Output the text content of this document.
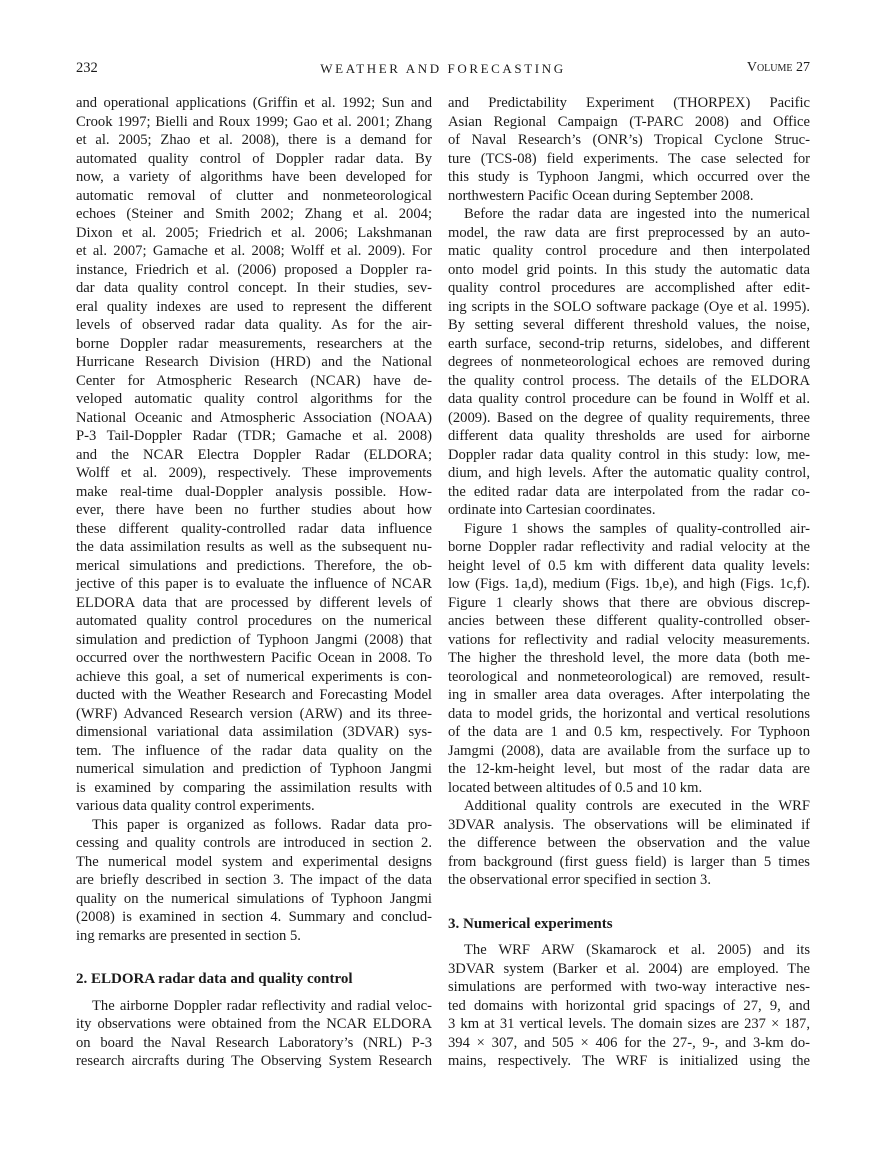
232	WEATHER AND FORECASTING	Volume 27
and operational applications (Griffin et al. 1992; Sun and
Crook 1997; Bielli and Roux 1999; Gao et al. 2001; Zhang
et al. 2005; Zhao et al. 2008), there is a demand for
automated quality control of Doppler radar data. By
now, a variety of algorithms have been developed for
automatic removal of clutter and nonmeteorological
echoes (Steiner and Smith 2002; Zhang et al. 2004;
Dixon et al. 2005; Friedrich et al. 2006; Lakshmanan
et al. 2007; Gamache et al. 2008; Wolff et al. 2009). For
instance, Friedrich et al. (2006) proposed a Doppler ra-
dar data quality control concept. In their studies, sev-
eral quality indexes are used to represent the different
levels of observed radar data quality. As for the air-
borne Doppler radar measurements, researchers at the
Hurricane Research Division (HRD) and the National
Center for Atmospheric Research (NCAR) have de-
veloped automatic quality control algorithms for the
National Oceanic and Atmospheric Association (NOAA)
P-3 Tail-Doppler Radar (TDR; Gamache et al. 2008)
and the NCAR Electra Doppler Radar (ELDORA;
Wolff et al. 2009), respectively. These improvements
make real-time dual-Doppler analysis possible. How-
ever, there have been no further studies about how
these different quality-controlled radar data influence
the data assimilation results as well as the subsequent nu-
merical simulations and predictions. Therefore, the ob-
jective of this paper is to evaluate the influence of NCAR
ELDORA data that are processed by different levels of
automated quality control procedures on the numerical
simulation and prediction of Typhoon Jangmi (2008) that
occurred over the northwestern Pacific Ocean in 2008. To
achieve this goal, a set of numerical experiments is con-
ducted with the Weather Research and Forecasting Model
(WRF) Advanced Research version (ARW) and its three-
dimensional variational data assimilation (3DVAR) sys-
tem. The influence of the radar data quality on the
numerical simulation and prediction of Typhoon Jangmi
is examined by comparing the assimilation results with
various data quality control experiments.
This paper is organized as follows. Radar data pro-
cessing and quality controls are introduced in section 2.
The numerical model system and experimental designs
are briefly described in section 3. The impact of the data
quality on the numerical simulations of Typhoon Jangmi
(2008) is examined in section 4. Summary and conclud-
ing remarks are presented in section 5.
2. ELDORA radar data and quality control
The airborne Doppler radar reflectivity and radial veloc-
ity observations were obtained from the NCAR ELDORA
on board the Naval Research Laboratory’s (NRL) P-3
research aircrafts during The Observing System Research
and Predictability Experiment (THORPEX) Pacific
Asian Regional Campaign (T-PARC 2008) and Office
of Naval Research’s (ONR’s) Tropical Cyclone Struc-
ture (TCS-08) field experiments. The case selected for
this study is Typhoon Jangmi, which occurred over the
northwestern Pacific Ocean during September 2008.
Before the radar data are ingested into the numerical
model, the raw data are first preprocessed by an auto-
matic quality control procedure and then interpolated
onto model grid points. In this study the automatic data
quality control procedures are accomplished after edit-
ing scripts in the SOLO software package (Oye et al. 1995).
By setting several different threshold values, the noise,
earth surface, second-trip returns, sidelobes, and different
degrees of nonmeteorological echoes are removed during
the quality control process. The details of the ELDORA
data quality control procedure can be found in Wolff et al.
(2009). Based on the degree of quality requirements, three
different data quality thresholds are used for airborne
Doppler radar data quality control in this study: low, me-
dium, and high levels. After the automatic quality control,
the edited radar data are interpolated from the radar co-
ordinate into Cartesian coordinates.
Figure 1 shows the samples of quality-controlled air-
borne Doppler radar reflectivity and radial velocity at the
height level of 0.5 km with different data quality levels:
low (Figs. 1a,d), medium (Figs. 1b,e), and high (Figs. 1c,f).
Figure 1 clearly shows that there are obvious discrep-
ancies between these different quality-controlled obser-
vations for reflectivity and radial velocity measurements.
The higher the threshold level, the more data (both me-
teorological and nonmeteorological) are removed, result-
ing in smaller area data overages. After interpolating the
data to model grids, the horizontal and vertical resolutions
of the data are 1 and 0.5 km, respectively. For Typhoon
Jamgmi (2008), data are available from the surface up to
the 12-km-height level, but most of the radar data are
located between altitudes of 0.5 and 10 km.
Additional quality controls are executed in the WRF
3DVAR analysis. The observations will be eliminated if
the difference between the observation and the value
from background (first guess field) is larger than 5 times
the observational error specified in section 3.
3. Numerical experiments
The WRF ARW (Skamarock et al. 2005) and its
3DVAR system (Barker et al. 2004) are employed. The
simulations are performed with two-way interactive nes-
ted domains with horizontal grid spacings of 27, 9, and
3 km at 31 vertical levels. The domain sizes are 237 × 187,
394 × 307, and 505 × 406 for the 27-, 9-, and 3-km do-
mains, respectively. The WRF is initialized using the
